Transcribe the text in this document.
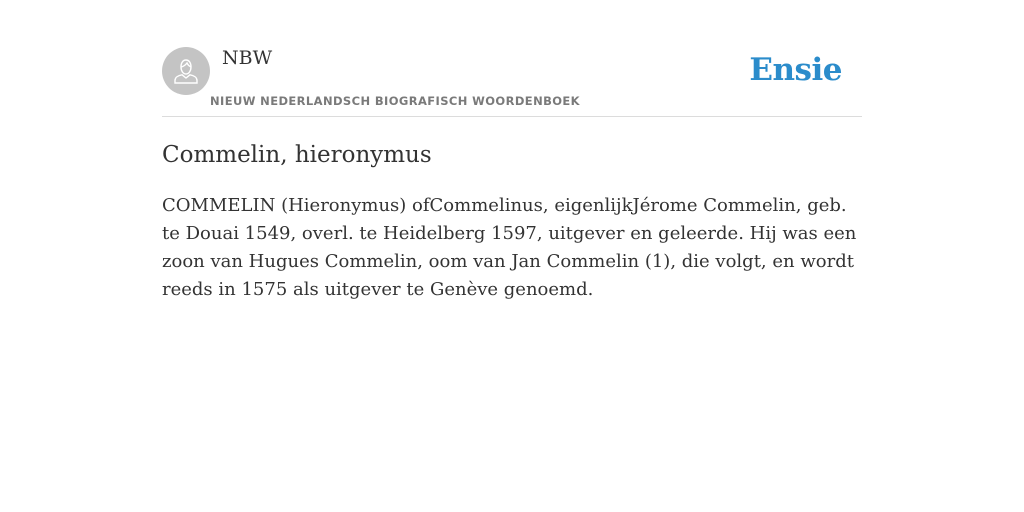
NBW
NIEUW NEDERLANDSCH BIOGRAFISCH WOORDENBOEK
Ensie
Commelin, hieronymus

COMMELIN (Hieronymus) ofCommelinus, eigenlijkJérome Commelin, geb. te Douai 1549, overl. te Heidelberg 1597, uitgever en geleerde. Hij was een zoon van Hugues Commelin, oom van Jan Commelin (1), die volgt, en wordt reeds in 1575 als uitgever te Genève genoemd.
